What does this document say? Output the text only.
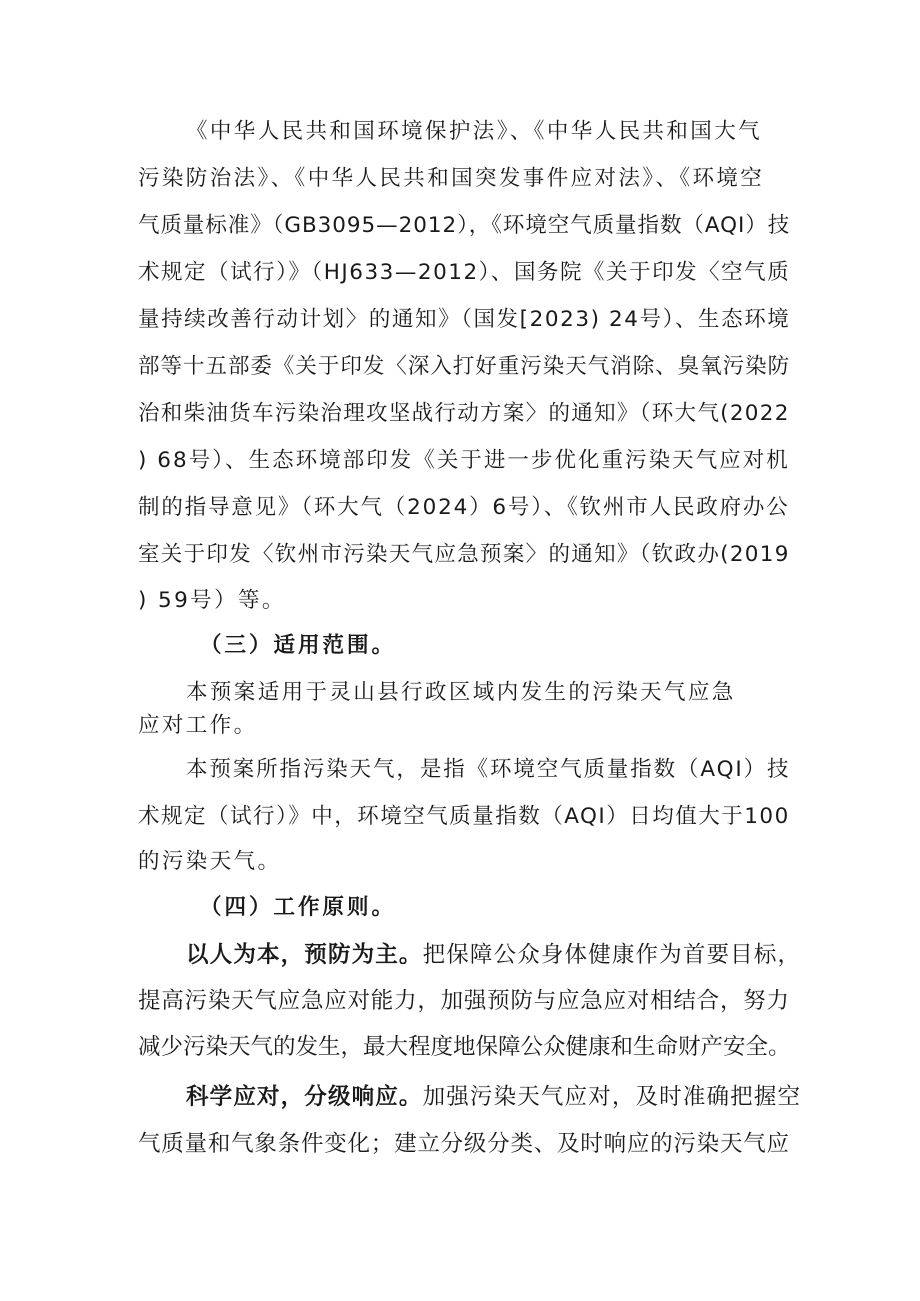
《中华人民共和国环境保护法》、《中华人民共和国大气
污染防治法》、《中华人民共和国突发事件应对法》、《环境空
气质量标准》（GB3095—2012），《环境空气质量指数（AQI）技
术规定（试行）》（HJ633—2012）、国务院《关于印发〈空气质
量持续改善行动计划〉的通知》（国发[2023) 24号）、生态环境
部等十五部委《关于印发〈深入打好重污染天气消除、臭氧污染防
治和柴油货车污染治理攻坚战行动方案〉的通知》（环大气(2022
) 68号）、生态环境部印发《关于进一步优化重污染天气应对机
制的指导意见》（环大气（2024）6号）、《钦州市人民政府办公
室关于印发〈钦州市污染天气应急预案〉的通知》（钦政办(2019
) 59号）等。
（三）适用范围。
本预案适用于灵山县行政区域内发生的污染天气应急
应对工作。
本预案所指污染天气，是指《环境空气质量指数（AQI）技
术规定（试行）》中，环境空气质量指数（AQI）日均值大于100
的污染天气。
（四）工作原则。
以人为本，预防为主。把保障公众身体健康作为首要目标，
提高污染天气应急应对能力，加强预防与应急应对相结合，努力
减少污染天气的发生，最大程度地保障公众健康和生命财产安全。
科学应对，分级响应。加强污染天气应对，及时准确把握空
气质量和气象条件变化；建立分级分类、及时响应的污染天气应
